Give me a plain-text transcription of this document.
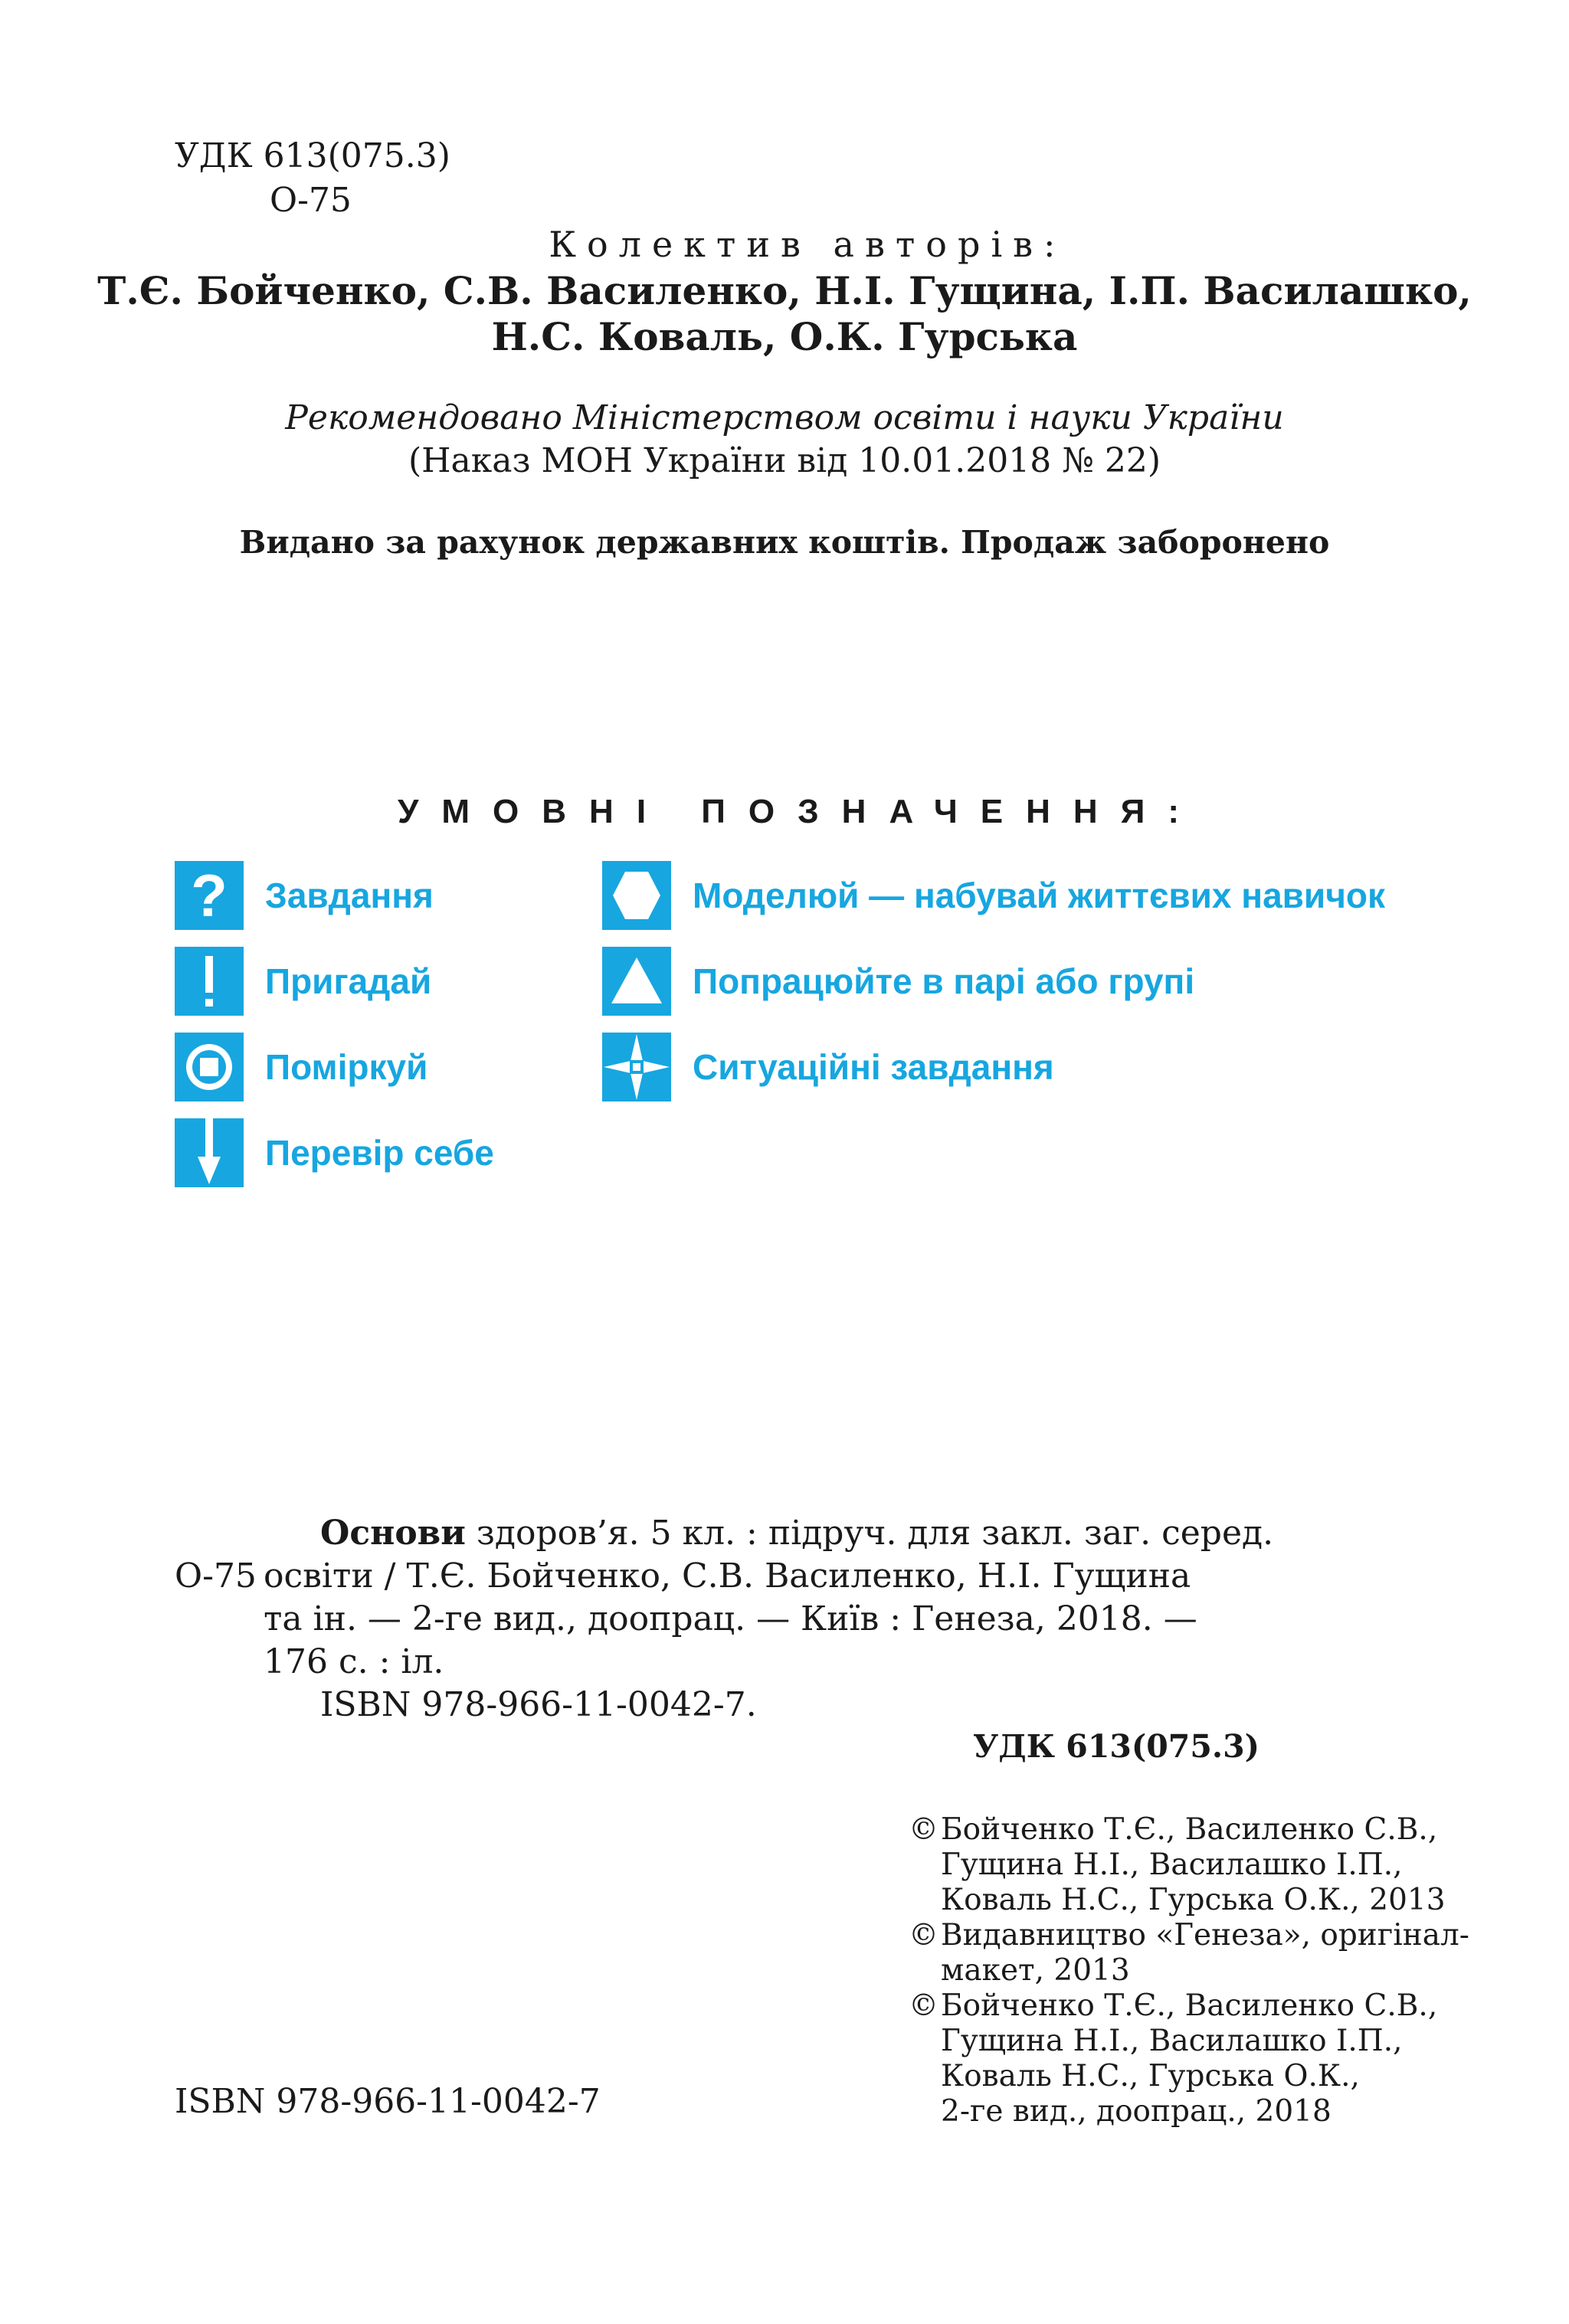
УДК 613(075.3)
О-75
Колектив авторів:
Т.Є. Бойченко, С.В. Василенко, Н.І. Гущина, І.П. Василашко,
Н.С. Коваль, О.К. Гурська
Рекомендовано Міністерством освіти і науки України
(Наказ МОН України від 10.01.2018 № 22)
Видано за рахунок державних коштів. Продаж заборонено
УМОВНІ ПОЗНАЧЕННЯ:
? Завдання
Пригадай
Поміркуй
Перевір себе
Моделюй — набувай життєвих навичок
Попрацюйте в парі або групі
Ситуаційні завдання
Основи здоров’я. 5 кл. : підруч. для закл. заг. серед.
О-75 освіти / Т.Є. Бойченко, С.В. Василенко, Н.І. Гущина
та ін. — 2-ге вид., доопрац. — Київ : Генеза, 2018. —
176 с. : іл.
ISBN 978-966-11-0042-7.
УДК 613(075.3)
© Бойченко Т.Є., Василенко С.В.,
Гущина Н.І., Василашко І.П.,
Коваль Н.С., Гурська О.К., 2013
© Видавництво «Генеза», оригінал-
макет, 2013
© Бойченко Т.Є., Василенко С.В.,
Гущина Н.І., Василашко І.П.,
Коваль Н.С., Гурська О.К.,
2-ге вид., доопрац., 2018
ISBN 978-966-11-0042-7
